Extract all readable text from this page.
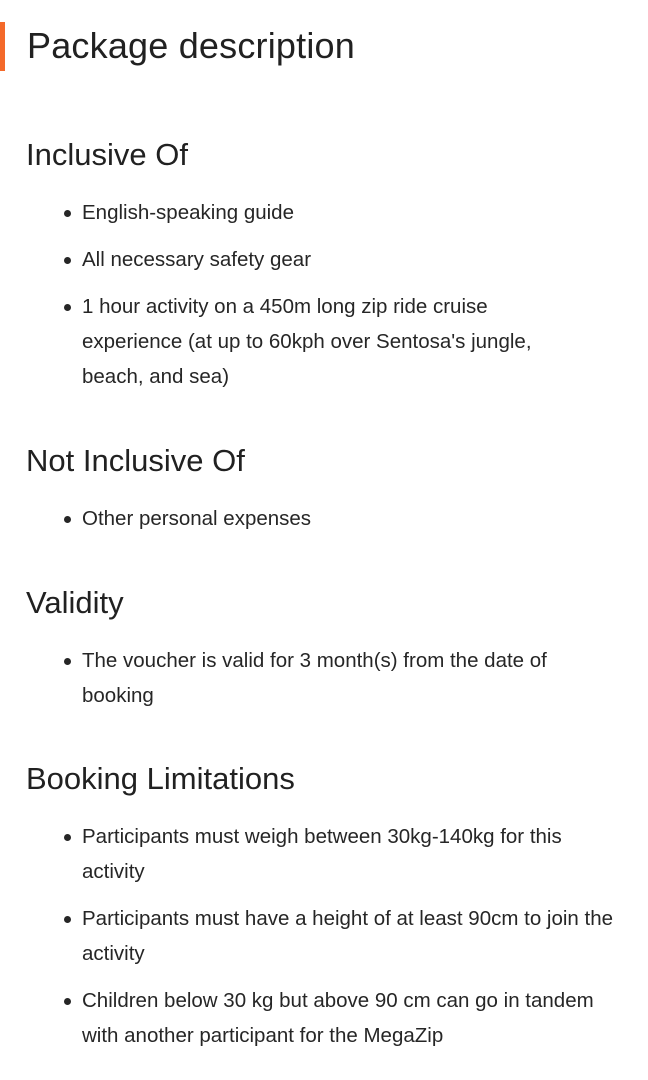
Package description
Inclusive Of
English-speaking guide
All necessary safety gear
1 hour activity on a 450m long zip ride cruise experience (at up to 60kph over Sentosa's jungle, beach, and sea)
Not Inclusive Of
Other personal expenses
Validity
The voucher is valid for 3 month(s) from the date of booking
Booking Limitations
Participants must weigh between 30kg-140kg for this activity
Participants must have a height of at least 90cm to join the activity
Children below 30 kg but above 90 cm can go in tandem with another participant for the MegaZip
